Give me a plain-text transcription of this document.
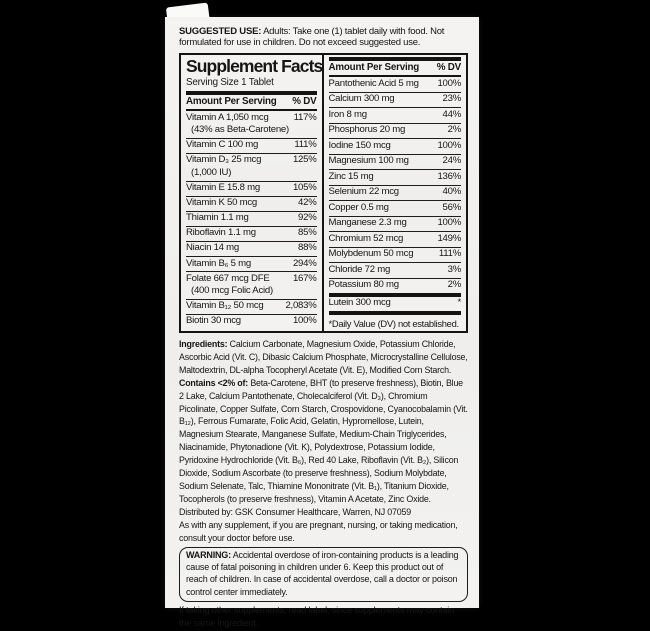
SUGGESTED USE: Adults: Take one (1) tablet daily with food. Not formulated for use in children. Do not exceed suggested use.

Supplement Facts
Serving Size 1 Tablet
Amount Per Serving % DV
Vitamin A 1,050 mcg	117%
(43% as Beta-Carotene)
Vitamin C 100 mg	111%
Vitamin D₃ 25 mcg	125%
(1,000 IU)
Vitamin E 15.8 mg	105%
Vitamin K 50 mcg	42%
Thiamin 1.1 mg	92%
Riboflavin 1.1 mg	85%
Niacin 14 mg	88%
Vitamin B₆ 5 mg	294%
Folate 667 mcg DFE	167%
(400 mcg Folic Acid)
Vitamin B₁₂ 50 mcg	2,083%
Biotin 30 mcg	100%
Amount Per Serving % DV
Pantothenic Acid 5 mg	100%
Calcium 300 mg	23%
Iron 8 mg	44%
Phosphorus 20 mg	2%
Iodine 150 mcg	100%
Magnesium 100 mg	24%
Zinc 15 mg	136%
Selenium 22 mcg	40%
Copper 0.5 mg	56%
Manganese 2.3 mg	100%
Chromium 52 mcg	149%
Molybdenum 50 mcg	111%
Chloride 72 mg	3%
Potassium 80 mg	2%
Lutein 300 mcg	*
*Daily Value (DV) not established.

Ingredients: Calcium Carbonate, Magnesium Oxide, Potassium Chloride, Ascorbic Acid (Vit. C), Dibasic Calcium Phosphate, Microcrystalline Cellulose, Maltodextrin, DL-alpha Tocopheryl Acetate (Vit. E), Modified Corn Starch. Contains <2% of: Beta-Carotene, BHT (to preserve freshness), Biotin, Blue 2 Lake, Calcium Pantothenate, Cholecalciferol (Vit. D₃), Chromium Picolinate, Copper Sulfate, Corn Starch, Crospovidone, Cyanocobalamin (Vit. B₁₂), Ferrous Fumarate, Folic Acid, Gelatin, Hypromellose, Lutein, Magnesium Stearate, Manganese Sulfate, Medium-Chain Triglycerides, Niacinamide, Phytonadione (Vit. K), Polydextrose, Potassium Iodide, Pyridoxine Hydrochloride (Vit. B₆), Red 40 Lake, Riboflavin (Vit. B₂), Silicon Dioxide, Sodium Ascorbate (to preserve freshness), Sodium Molybdate, Sodium Selenate, Talc, Thiamine Mononitrate (Vit. B₁), Titanium Dioxide, Tocopherols (to preserve freshness), Vitamin A Acetate, Zinc Oxide.

Distributed by: GSK Consumer Healthcare, Warren, NJ 07059

As with any supplement, if you are pregnant, nursing, or taking medication, consult your doctor before use.

WARNING: Accidental overdose of iron-containing products is a leading cause of fatal poisoning in children under 6. Keep this product out of reach of children. In case of accidental overdose, call a doctor or poison control center immediately.

If taking other supplements, read label, since supplements may contain the same ingredient.
